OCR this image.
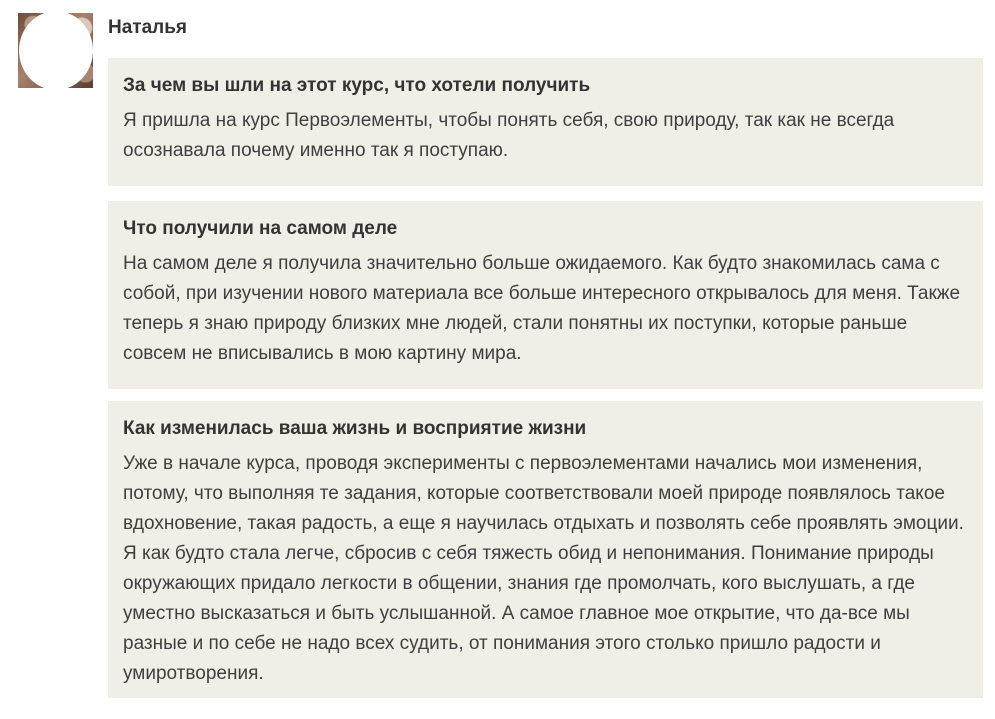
Наталья
За чем вы шли на этот курс, что хотели получить

Я пришла на курс Первоэлементы, чтобы понять себя, свою природу, так как не всегда осознавала почему именно так я поступаю.

Что получили на самом деле

На самом деле я получила значительно больше ожидаемого. Как будто знакомилась сама с собой, при изучении нового материала все больше интересного открывалось для меня. Также теперь я знаю природу близких мне людей, стали понятны их поступки, которые раньше совсем не вписывались в мою картину мира.

Как изменилась ваша жизнь и восприятие жизни

Уже в начале курса, проводя эксперименты с первоэлементами начались мои изменения, потому, что выполняя те задания, которые соответствовали моей природе появлялось такое вдохновение, такая радость, а еще я научилась отдыхать и позволять себе проявлять эмоции. Я как будто стала легче, сбросив с себя тяжесть обид и непонимания. Понимание природы окружающих придало легкости в общении, знания где промолчать, кого выслушать, а где уместно высказаться и быть услышанной. А самое главное мое открытие, что да-все мы разные и по себе не надо всех судить, от понимания этого столько пришло радости и умиротворения.
